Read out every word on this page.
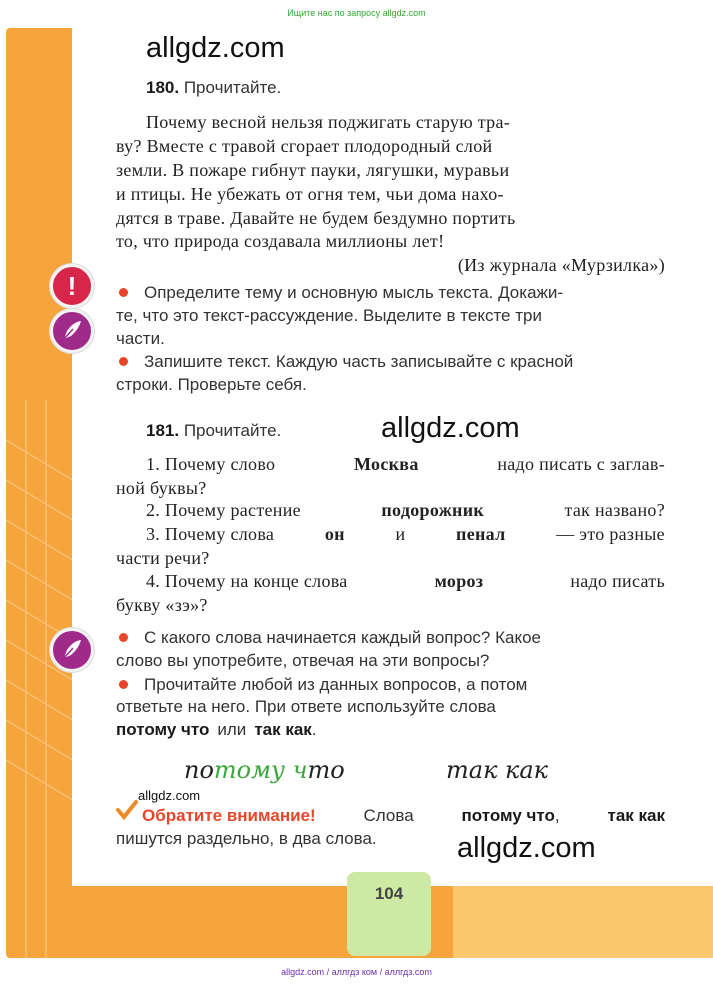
Ищите нас по запросу allgdz.com
allgdz.com
allgdz.com
allgdz.com
allgdz.com
180. Прочитайте.
Почему весной нельзя поджигать старую тра-
ву? Вместе с травой сгорает плодородный слой
земли. В пожаре гибнут пауки, лягушки, муравьи
и птицы. Не убежать от огня тем, чьи дома нахо-
дятся в траве. Давайте не будем бездумно портить
то, что природа создавала миллионы лет!
(Из журнала «Мурзилка»)
!	Определите тему и основную мысль текста. Докажи-
те, что это текст-рассуждение. Выделите в тексте три
части.
Запишите текст. Каждую часть записывайте с красной
строки. Проверьте себя.
181. Прочитайте.
1. Почему слово	Москва	надо писать с заглав-
ной буквы?
2. Почему растение	подорожник	так названо?
3. Почему слова	он	и	пенал	— это разные
части речи?
4. Почему на конце слова	мороз	надо писать
букву «зэ»?
С какого слова начинается каждый вопрос? Какое
слово вы употребите, отвечая на эти вопросы?
Прочитайте любой из данных вопросов, а потом
ответьте на него. При ответе используйте слова
потому что или так как .
потому что	так как
Обратите внимание!	Слова	потому что ,	так как
пишутся раздельно, в два слова.
104
allgdz.com / аллгдз ком / аллгдз.com
